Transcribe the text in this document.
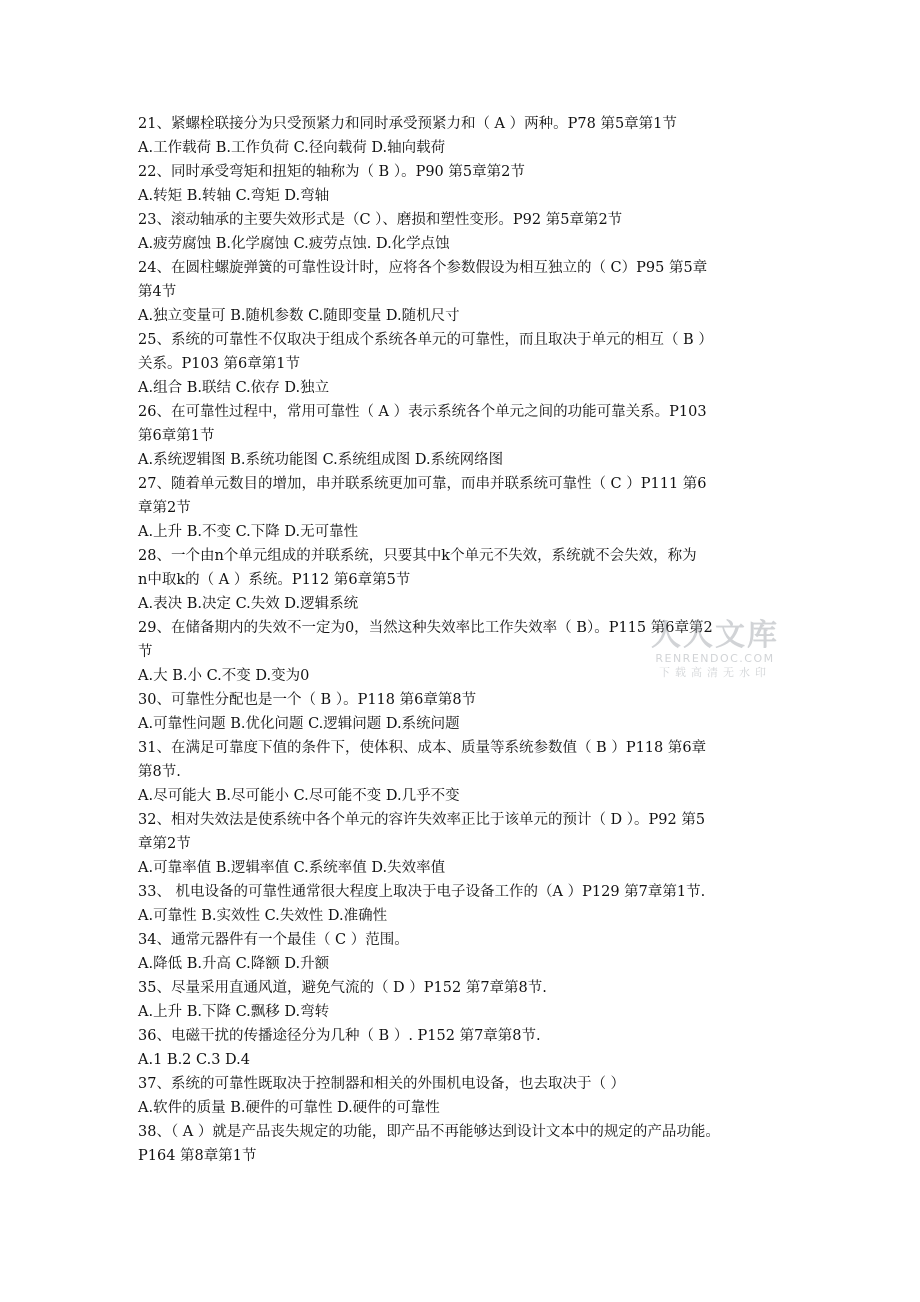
21、紧螺栓联接分为只受预紧力和同时承受预紧力和（ A ）两种。P78 第5章第1节
A.工作载荷 B.工作负荷 C.径向载荷 D.轴向载荷
22、同时承受弯矩和扭矩的轴称为（ B ）。P90 第5章第2节
A.转矩 B.转轴 C.弯矩 D.弯轴
23、滚动轴承的主要失效形式是（C ）、磨损和塑性变形。P92 第5章第2节
A.疲劳腐蚀 B.化学腐蚀 C.疲劳点蚀. D.化学点蚀
24、在圆柱螺旋弹簧的可靠性设计时，应将各个参数假设为相互独立的（ C）P95 第5章
第4节
A.独立变量可 B.随机参数 C.随即变量 D.随机尺寸
25、系统的可靠性不仅取决于组成个系统各单元的可靠性，而且取决于单元的相互（ B ）
关系。P103 第6章第1节
A.组合 B.联结 C.依存 D.独立
26、在可靠性过程中，常用可靠性（ A ）表示系统各个单元之间的功能可靠关系。P103
第6章第1节
A.系统逻辑图 B.系统功能图 C.系统组成图 D.系统网络图
27、随着单元数目的增加，串并联系统更加可靠，而串并联系统可靠性（ C ）P111 第6
章第2节
A.上升 B.不变 C.下降 D.无可靠性
28、一个由n个单元组成的并联系统，只要其中k个单元不失效，系统就不会失效，称为
n中取k的（ A ）系统。P112 第6章第5节
A.表决 B.决定 C.失效 D.逻辑系统
29、在储备期内的失效不一定为0，当然这种失效率比工作失效率（ B）。P115 第6章第2
节
A.大 B.小 C.不变 D.变为0
30、可靠性分配也是一个（ B ）。P118 第6章第8节
A.可靠性问题 B.优化问题 C.逻辑问题 D.系统问题
31、在满足可靠度下值的条件下，使体积、成本、质量等系统参数值（ B ）P118 第6章
第8节.
A.尽可能大 B.尽可能小 C.尽可能不变 D.几乎不变
32、相对失效法是使系统中各个单元的容许失效率正比于该单元的预计（ D ）。P92 第5
章第2节
A.可靠率值 B.逻辑率值 C.系统率值 D.失效率值
33、 机电设备的可靠性通常很大程度上取决于电子设备工作的（A ）P129 第7章第1节.
A.可靠性 B.实效性 C.失效性 D.准确性
34、通常元器件有一个最佳（ C ）范围。
A.降低 B.升高 C.降额 D.升额
35、尽量采用直通风道，避免气流的（ D ）P152 第7章第8节.
A.上升 B.下降 C.飘移 D.弯转
36、电磁干扰的传播途径分为几种（ B ）. P152 第7章第8节.
A.1 B.2 C.3 D.4
37、系统的可靠性既取决于控制器和相关的外围机电设备，也去取决于（ ）
A.软件的质量 B.硬件的可靠性 D.硬件的可靠性
38、（ A ）就是产品丧失规定的功能，即产品不再能够达到设计文本中的规定的产品功能。
P164 第8章第1节
人人文库
RENRENDOC.COM
下载高清无水印
